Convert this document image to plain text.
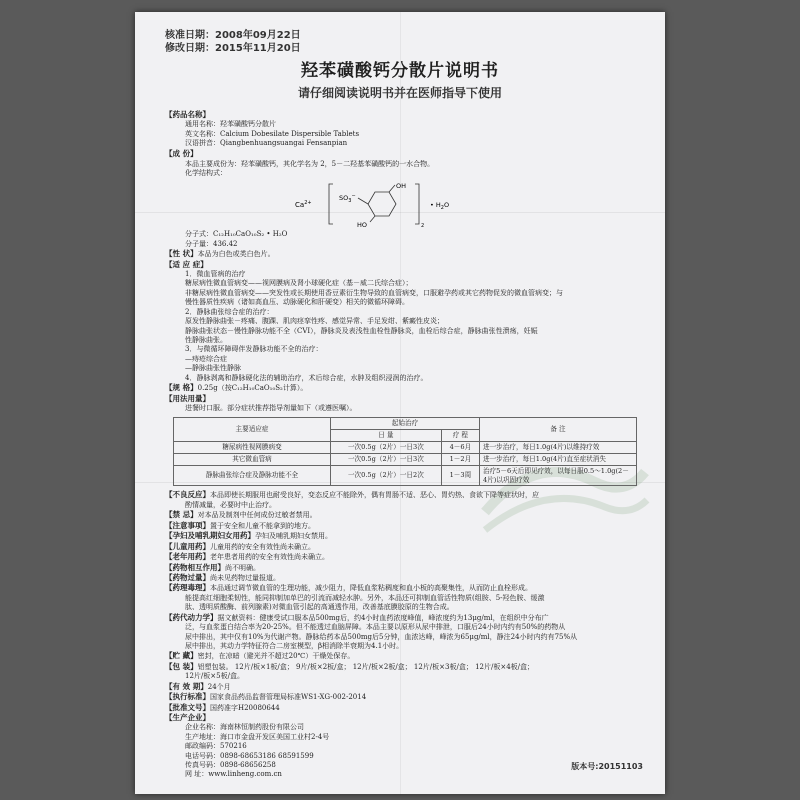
核准日期：2008年09月22日
修改日期：2015年11月20日
羟苯磺酸钙分散片说明书
请仔细阅读说明书并在医师指导下使用
【药品名称】
通用名称：羟苯磺酸钙分散片
英文名称：Calcium Dobesilate Dispersible Tablets
汉语拼音：Qiangbenhuangsuangai Fensanpian
【成 份】
本品主要成份为：羟苯磺酸钙，其化学名为 2，5－二羟基苯磺酸钙的一水合物。
化学结构式：
$Ca^{2+}$
$SO_3^-$
OH
HO	2
• $H_2O$
分子式：C₁₂H₁₀CaO₁₀S₂ • H₂O
分子量：436.42
【性 状】 本品为白色或类白色片。
【适 应 症】
1．微血管病的治疗
糖尿病性微血管病变——视网膜病及肾小球硬化症（基－威二氏综合症）；
非糖尿病性微血管病变——突发性或长期使用香豆素衍生物导致的血管病变，口服避孕药或其它药物促发的微血管病变；与
慢性器质性疾病（诸如高血压、动脉硬化和肝硬变）相关的微循环障碍。
2．静脉曲张综合症的治疗：
原发性静脉曲张－疼痛、腹踝、肌肉痉挛性疼、感觉异常、手足发绀、紫癜性皮炎；
静脉曲张状态－慢性静脉功能不全（CVI），静脉炎及表浅性血栓性静脉炎，血栓后综合症，静脉曲张性溃疡，妊娠
性静脉曲张。
3．与微循环障碍伴发静脉功能不全的治疗：
—痔疮综合症
—静脉曲张性静脉
4．静脉剥离和静脉硬化法的辅助治疗，术后综合症，水肿及组织浸润的治疗。
【规 格】 0.25g（按C₁₂H₁₀CaO₁₀S₂计算）。
【用法用量】
进餐时口服。部分症状推荐指导剂量如下（或遵医嘱）。
主要适应症	起始治疗		备 注
	日 量	疗 程	
糖尿病性视网膜病变	一次0.5g（2片）一日3次	4－6月	进一步治疗，每日1.0g(4片)以维持疗效
其它微血管病	一次0.5g（2片）一日3次	1－2月	进一步治疗，每日1.0g(4片)直至症状消失
静脉曲张综合症及静脉功能不全	一次0.5g（2片）一日2次	1－3周	治疗5－6天后即见疗效，以每日服0.5～1.0g(2－4片)以巩固疗效
【不良反应】 本品即使长期服用也耐受良好，变态反应不能除外，偶有胃肠不适、恶心、胃灼热、食欲下降等症状时，应
酌情减量，必要时中止治疗。
【禁 忌】 对本品及制剂中任何成份过敏者禁用。
【注意事项】 置于安全和儿童不能拿到的地方。
【孕妇及哺乳期妇女用药】 孕妇及哺乳期妇女禁用。
【儿童用药】 儿童用药的安全有效性尚未确立。
【老年用药】 老年患者用药的安全有效性尚未确立。
【药物相互作用】 尚不明确。
【药物过量】 尚未见药物过量报道。
【药理毒理】 本品通过调节微血管的生理功能，减少阻力，降低血浆粘稠度和血小板的高聚集性，从而防止血栓形成。
能提高红细胞柔韧性，能同抑制加单巴的引流而减轻水肿。另外，本品还可抑制血管活性物质(组胺、5-羟色胺、缓激
肽、透明质酸酶、前列腺素)对微血管引起的高通透作用，改善基底膜胶原的生物合成。
【药代动力学】 据文献资料：健康受试口服本品500mg后，约4小时血药浓度峰值，峰浓度约为13μg/ml，在组织中分布广
泛，与血浆蛋白结合率为20-25%。但不能透过血脑屏障。本品主要以原形从尿中排泄，口服后24小时内约有50%的药物从
尿中排出，其中仅有10%为代谢产物。静脉给药本品500mg后5分钟，血浓达峰，峰浓为65μg/ml，静注24小时内约有75%从
尿中排出，其动力学特征符合二房室模型，β相消除半衰期为4.1小时。
【贮 藏】 密封，在凉暗（避光并不超过20℃）干燥处保存。
【包 装】 铝塑包装。 12片/板×1板/盒； 9片/板×2板/盒； 12片/板×2板/盒； 12片/板×3板/盒； 12片/板×4板/盒；
12片/板×5板/盒。
【有 效 期】 24个月
【执行标准】 国家食品药品监督管理局标准WS1-XG-002-2014
【批准文号】 国药准字H20080644
【生产企业】
企业名称：海南林恒制药股份有限公司
生产地址：海口市金盘开发区美国工业村2-4号
邮政编码：570216
电话号码：0898-68653186 68591599
传真号码：0898-68656258
网 址：www.linheng.com.cn
版本号:20151103
